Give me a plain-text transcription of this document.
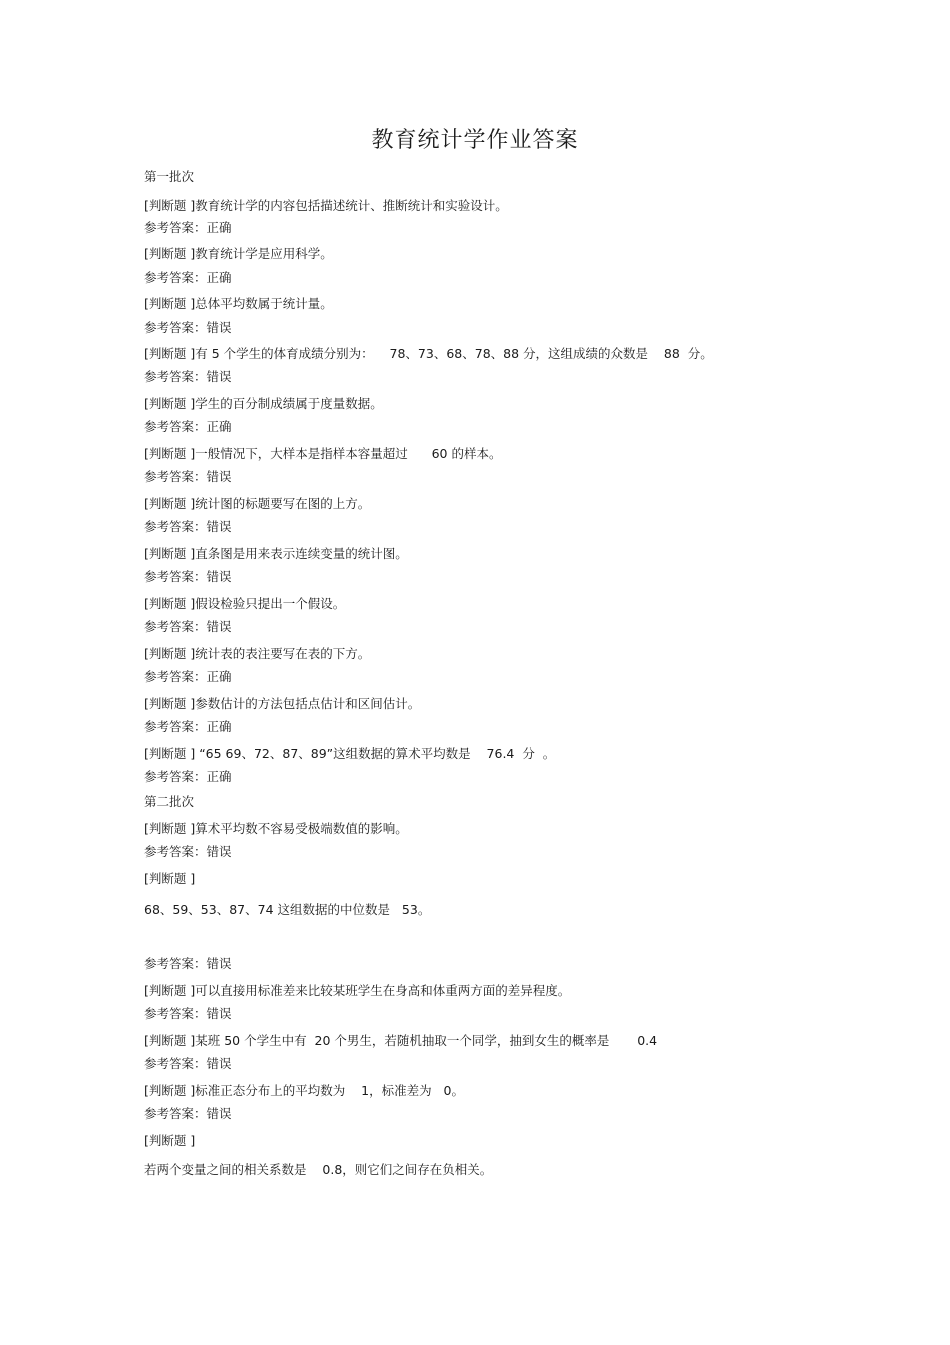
教育统计学作业答案
第一批次
[判断题 ]教育统计学的内容包括描述统计、推断统计和实验设计。
参考答案：正确
[判断题 ]教育统计学是应用科学。
参考答案：正确
[判断题 ]总体平均数属于统计量。
参考答案：错误
[判断题 ]有 5 个学生的体育成绩分别为：    78、73、68、78、88 分，这组成绩的众数是    88  分。
参考答案：错误
[判断题 ]学生的百分制成绩属于度量数据。
参考答案：正确
[判断题 ]一般情况下，大样本是指样本容量超过      60 的样本。
参考答案：错误
[判断题 ]统计图的标题要写在图的上方。
参考答案：错误
[判断题 ]直条图是用来表示连续变量的统计图。
参考答案：错误
[判断题 ]假设检验只提出一个假设。
参考答案：错误
[判断题 ]统计表的表注要写在表的下方。
参考答案：正确
[判断题 ]参数估计的方法包括点估计和区间估计。
参考答案：正确
[判断题 ] “65 69、72、87、89”这组数据的算术平均数是    76.4  分  。
参考答案：正确
第二批次
[判断题 ]算术平均数不容易受极端数值的影响。
参考答案：错误
[判断题 ]
68、59、53、87、74 这组数据的中位数是   53。
参考答案：错误
[判断题 ]可以直接用标准差来比较某班学生在身高和体重两方面的差异程度。
参考答案：错误
[判断题 ]某班 50 个学生中有  20 个男生，若随机抽取一个同学，抽到女生的概率是       0.4
参考答案：错误
[判断题 ]标准正态分布上的平均数为    1，标准差为   0。
参考答案：错误
[判断题 ]
若两个变量之间的相关系数是    0.8，则它们之间存在负相关。
